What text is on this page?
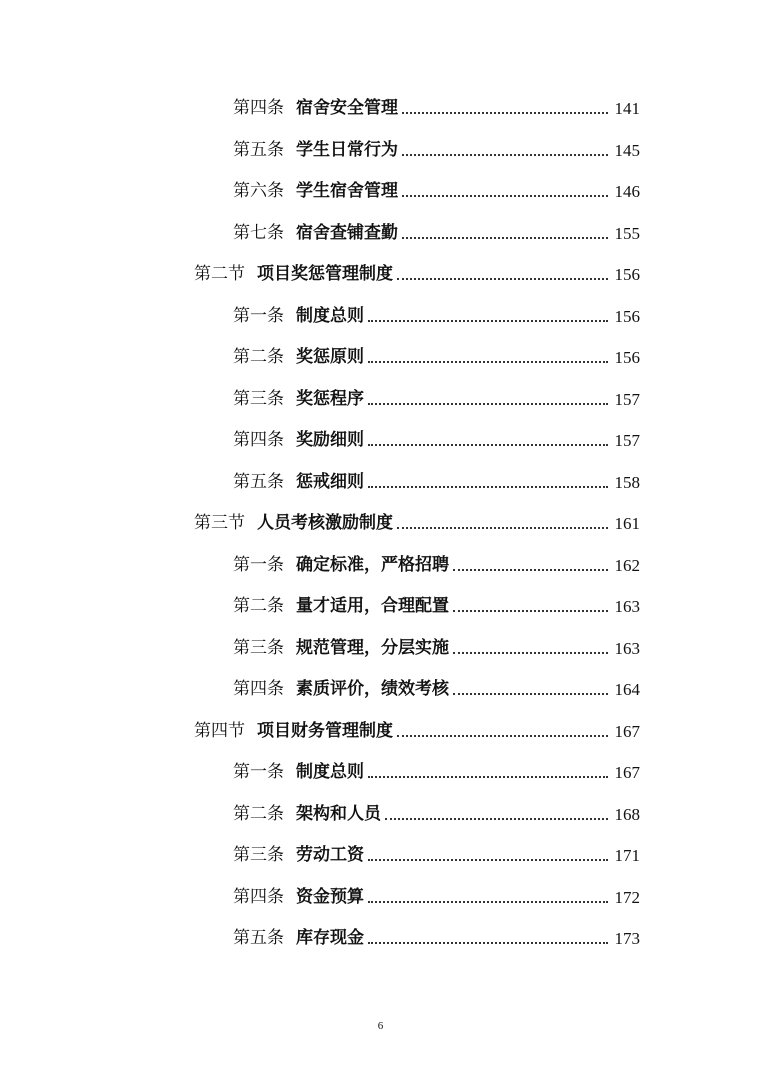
第四条 宿舍安全管理	141
第五条 学生日常行为	145
第六条 学生宿舍管理	146
第七条 宿舍查铺查勤	155
第二节 项目奖惩管理制度	156
第一条 制度总则	156
第二条 奖惩原则	156
第三条 奖惩程序	157
第四条 奖励细则	157
第五条 惩戒细则	158
第三节 人员考核激励制度	161
第一条 确定标准，严格招聘	162
第二条 量才适用，合理配置	163
第三条 规范管理，分层实施	163
第四条 素质评价，绩效考核	164
第四节 项目财务管理制度	167
第一条 制度总则	167
第二条 架构和人员	168
第三条 劳动工资	171
第四条 资金预算	172
第五条 库存现金	173
6
